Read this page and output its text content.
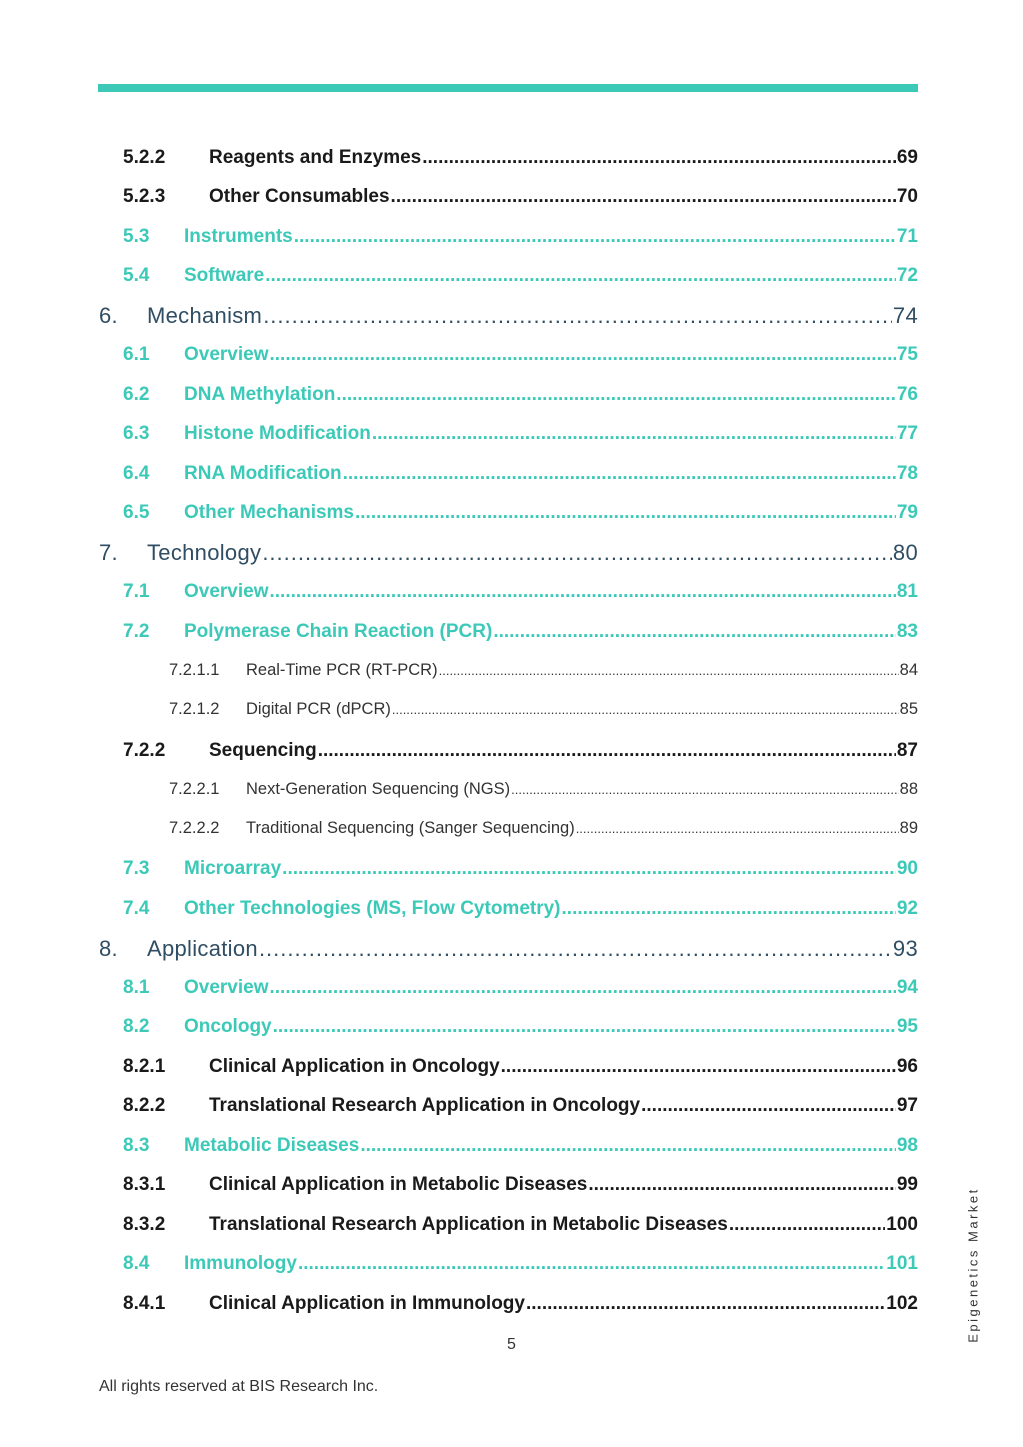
5.2.2	Reagents and Enzymes .....	69
5.2.3	Other Consumables .....	70
5.3	Instruments .....	71
5.4	Software .....	72
6.	Mechanism .....	74
6.1	Overview .....	75
6.2	DNA Methylation .....	76
6.3	Histone Modification .....	77
6.4	RNA Modification .....	78
6.5	Other Mechanisms .....	79
7.	Technology .....	80
7.1	Overview .....	81
7.2	Polymerase Chain Reaction (PCR) .....	83
7.2.1.1	Real-Time PCR (RT-PCR) .....	84
7.2.1.2	Digital PCR (dPCR) .....	85
7.2.2	Sequencing .....	87
7.2.2.1	Next-Generation Sequencing (NGS) .....	88
7.2.2.2	Traditional Sequencing (Sanger Sequencing) .....	89
7.3	Microarray .....	90
7.4	Other Technologies (MS, Flow Cytometry) .....	92
8.	Application .....	93
8.1	Overview .....	94
8.2	Oncology .....	95
8.2.1	Clinical Application in Oncology .....	96
8.2.2	Translational Research Application in Oncology .....	97
8.3	Metabolic Diseases .....	98
8.3.1	Clinical Application in Metabolic Diseases .....	99
8.3.2	Translational Research Application in Metabolic Diseases .....	100
8.4	Immunology .....	101
8.4.1	Clinical Application in Immunology .....	102
5
All rights reserved at BIS Research Inc.
Epigenetics Market
